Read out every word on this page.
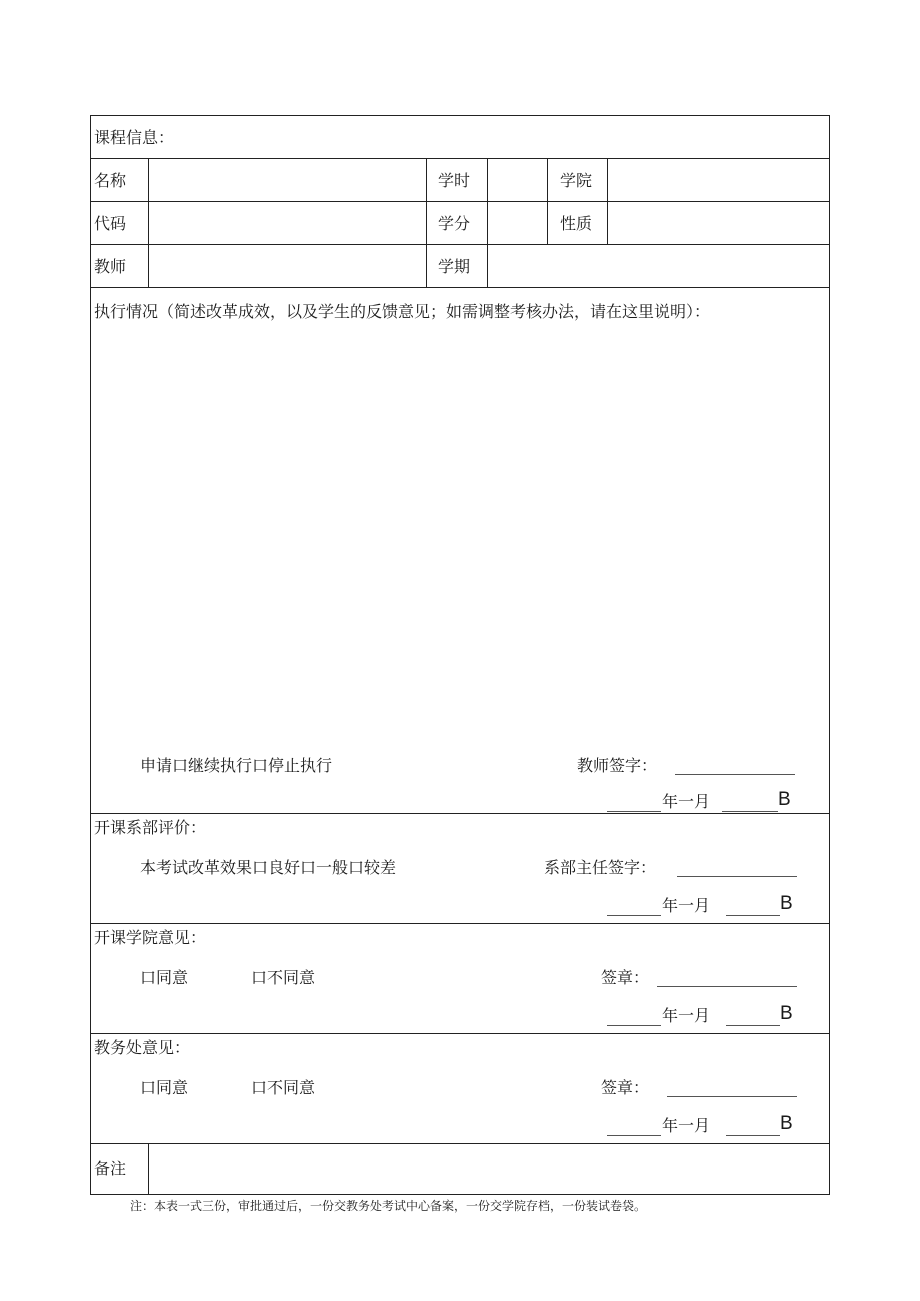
课程信息：
名称	学时	学院
代码	学分	性质
教师	学期
执行情况（简述改革成效，以及学生的反馈意见；如需调整考核办法，请在这里说明）：
申请口继续执行口停止执行	教师签字：
年一月	B
开课系部评价：
本考试改革效果口良好口一般口较差	系部主任签字：
年一月	B
开课学院意见：
口同意	口不同意	签章：
年一月	B
教务处意见：
口同意	口不同意	签章：
年一月	B
备注
注：本表一式三份，审批通过后，一份交教务处考试中心备案，一份交学院存档，一份装试卷袋。
